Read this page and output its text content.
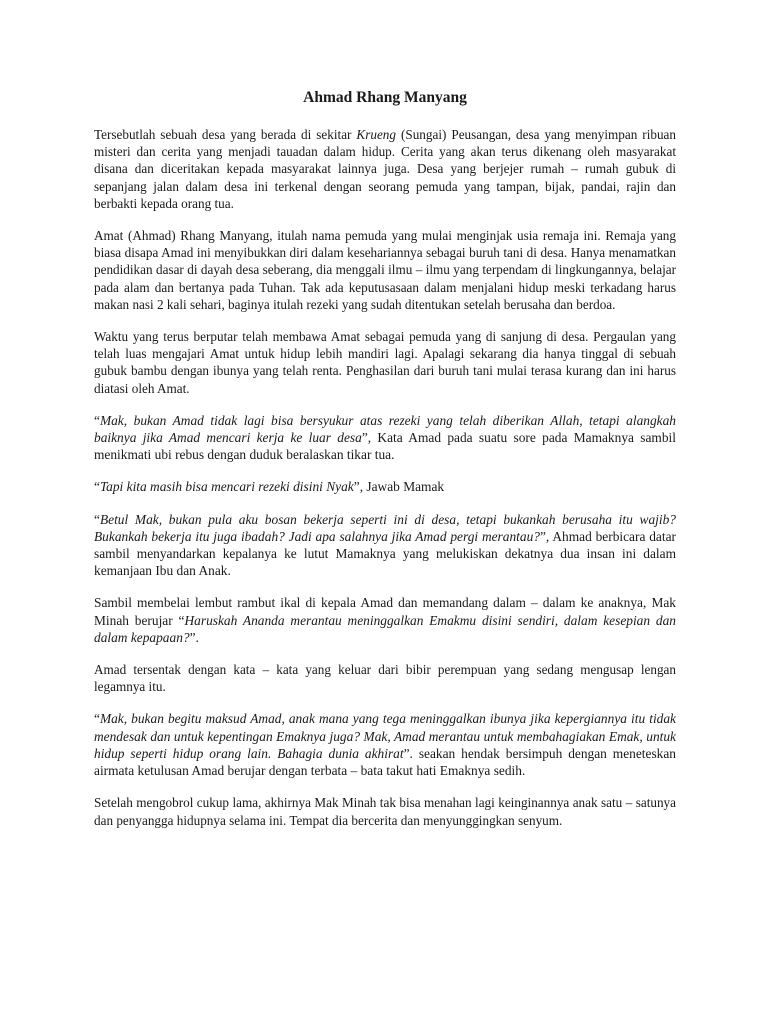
Ahmad Rhang Manyang

Tersebutlah sebuah desa yang berada di sekitar Krueng (Sungai) Peusangan, desa yang menyimpan ribuan misteri dan cerita yang menjadi tauadan dalam hidup. Cerita yang akan terus dikenang oleh masyarakat disana dan diceritakan kepada masyarakat lainnya juga. Desa yang berjejer rumah – rumah gubuk di sepanjang jalan dalam desa ini terkenal dengan seorang pemuda yang tampan, bijak, pandai, rajin dan berbakti kepada orang tua.

Amat (Ahmad) Rhang Manyang, itulah nama pemuda yang mulai menginjak usia remaja ini. Remaja yang biasa disapa Amad ini menyibukkan diri dalam kesehariannya sebagai buruh tani di desa. Hanya menamatkan pendidikan dasar di dayah desa seberang, dia menggali ilmu – ilmu yang terpendam di lingkungannya, belajar pada alam dan bertanya pada Tuhan. Tak ada keputusasaan dalam menjalani hidup meski terkadang harus makan nasi 2 kali sehari, baginya itulah rezeki yang sudah ditentukan setelah berusaha dan berdoa.

Waktu yang terus berputar telah membawa Amat sebagai pemuda yang di sanjung di desa. Pergaulan yang telah luas mengajari Amat untuk hidup lebih mandiri lagi. Apalagi sekarang dia hanya tinggal di sebuah gubuk bambu dengan ibunya yang telah renta. Penghasilan dari buruh tani mulai terasa kurang dan ini harus diatasi oleh Amat.

“Mak, bukan Amad tidak lagi bisa bersyukur atas rezeki yang telah diberikan Allah, tetapi alangkah baiknya jika Amad mencari kerja ke luar desa”, Kata Amad pada suatu sore pada Mamaknya sambil menikmati ubi rebus dengan duduk beralaskan tikar tua.

“Tapi kita masih bisa mencari rezeki disini Nyak”, Jawab Mamak

“Betul Mak, bukan pula aku bosan bekerja seperti ini di desa, tetapi bukankah berusaha itu wajib? Bukankah bekerja itu juga ibadah? Jadi apa salahnya jika Amad pergi merantau?”, Ahmad berbicara datar sambil menyandarkan kepalanya ke lutut Mamaknya yang melukiskan dekatnya dua insan ini dalam kemanjaan Ibu dan Anak.

Sambil membelai lembut rambut ikal di kepala Amad dan memandang dalam – dalam ke anaknya, Mak Minah berujar “Haruskah Ananda merantau meninggalkan Emakmu disini sendiri, dalam kesepian dan dalam kepapaan?”.

Amad tersentak dengan kata – kata yang keluar dari bibir perempuan yang sedang mengusap lengan legamnya itu.

“Mak, bukan begitu maksud Amad, anak mana yang tega meninggalkan ibunya jika kepergiannya itu tidak mendesak dan untuk kepentingan Emaknya juga? Mak, Amad merantau untuk membahagiakan Emak, untuk hidup seperti hidup orang lain. Bahagia dunia akhirat”. seakan hendak bersimpuh dengan meneteskan airmata ketulusan Amad berujar dengan terbata – bata takut hati Emaknya sedih.

Setelah mengobrol cukup lama, akhirnya Mak Minah tak bisa menahan lagi keinginannya anak satu – satunya dan penyangga hidupnya selama ini. Tempat dia bercerita dan menyunggingkan senyum.
